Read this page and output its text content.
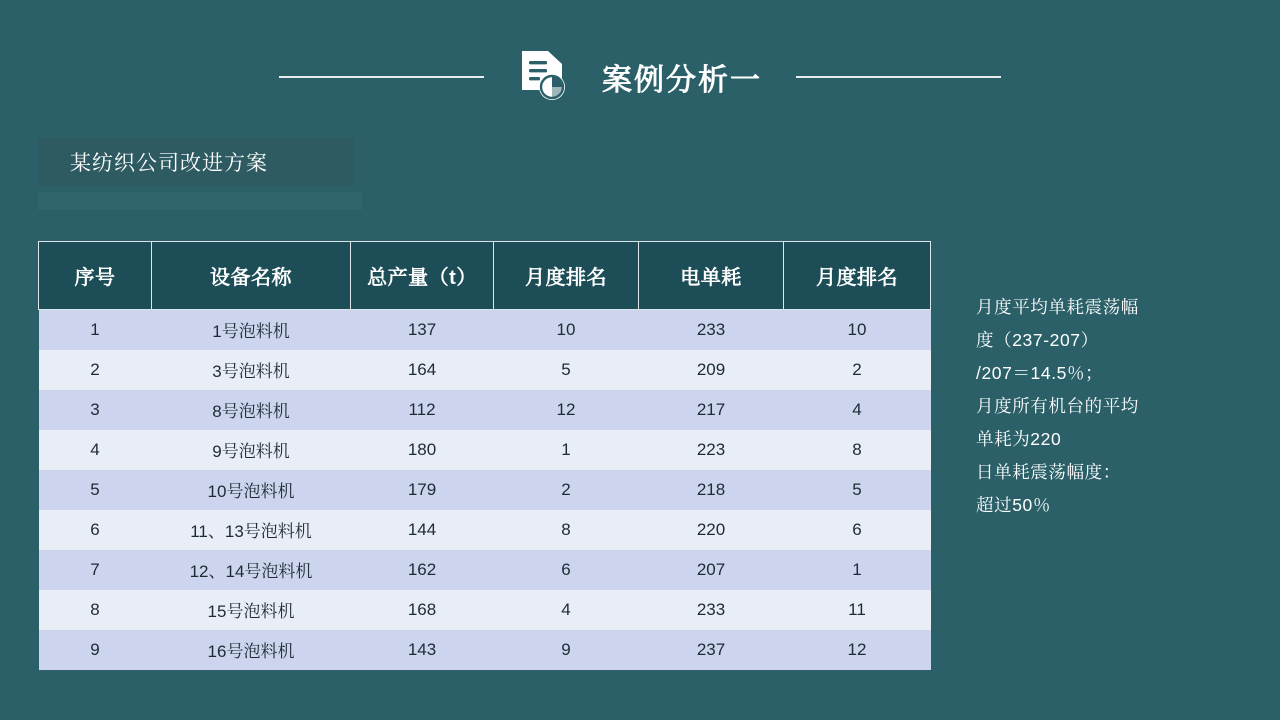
案例分析一
某纺织公司改进方案
序号	设备名称	总产量（t）	月度排名	电单耗	月度排名
1	1号泡料机	137	10	233	10
2	3号泡料机	164	5	209	2
3	8号泡料机	112	12	217	4
4	9号泡料机	180	1	223	8
5	10号泡料机	179	2	218	5
6	11、13号泡料机	144	8	220	6
7	12、14号泡料机	162	6	207	1
8	15号泡料机	168	4	233	11
9	16号泡料机	143	9	237	12

月度平均单耗震荡幅

度（237-207）

/207＝14.5％；

月度所有机台的平均

单耗为220

日单耗震荡幅度：

超过50％
